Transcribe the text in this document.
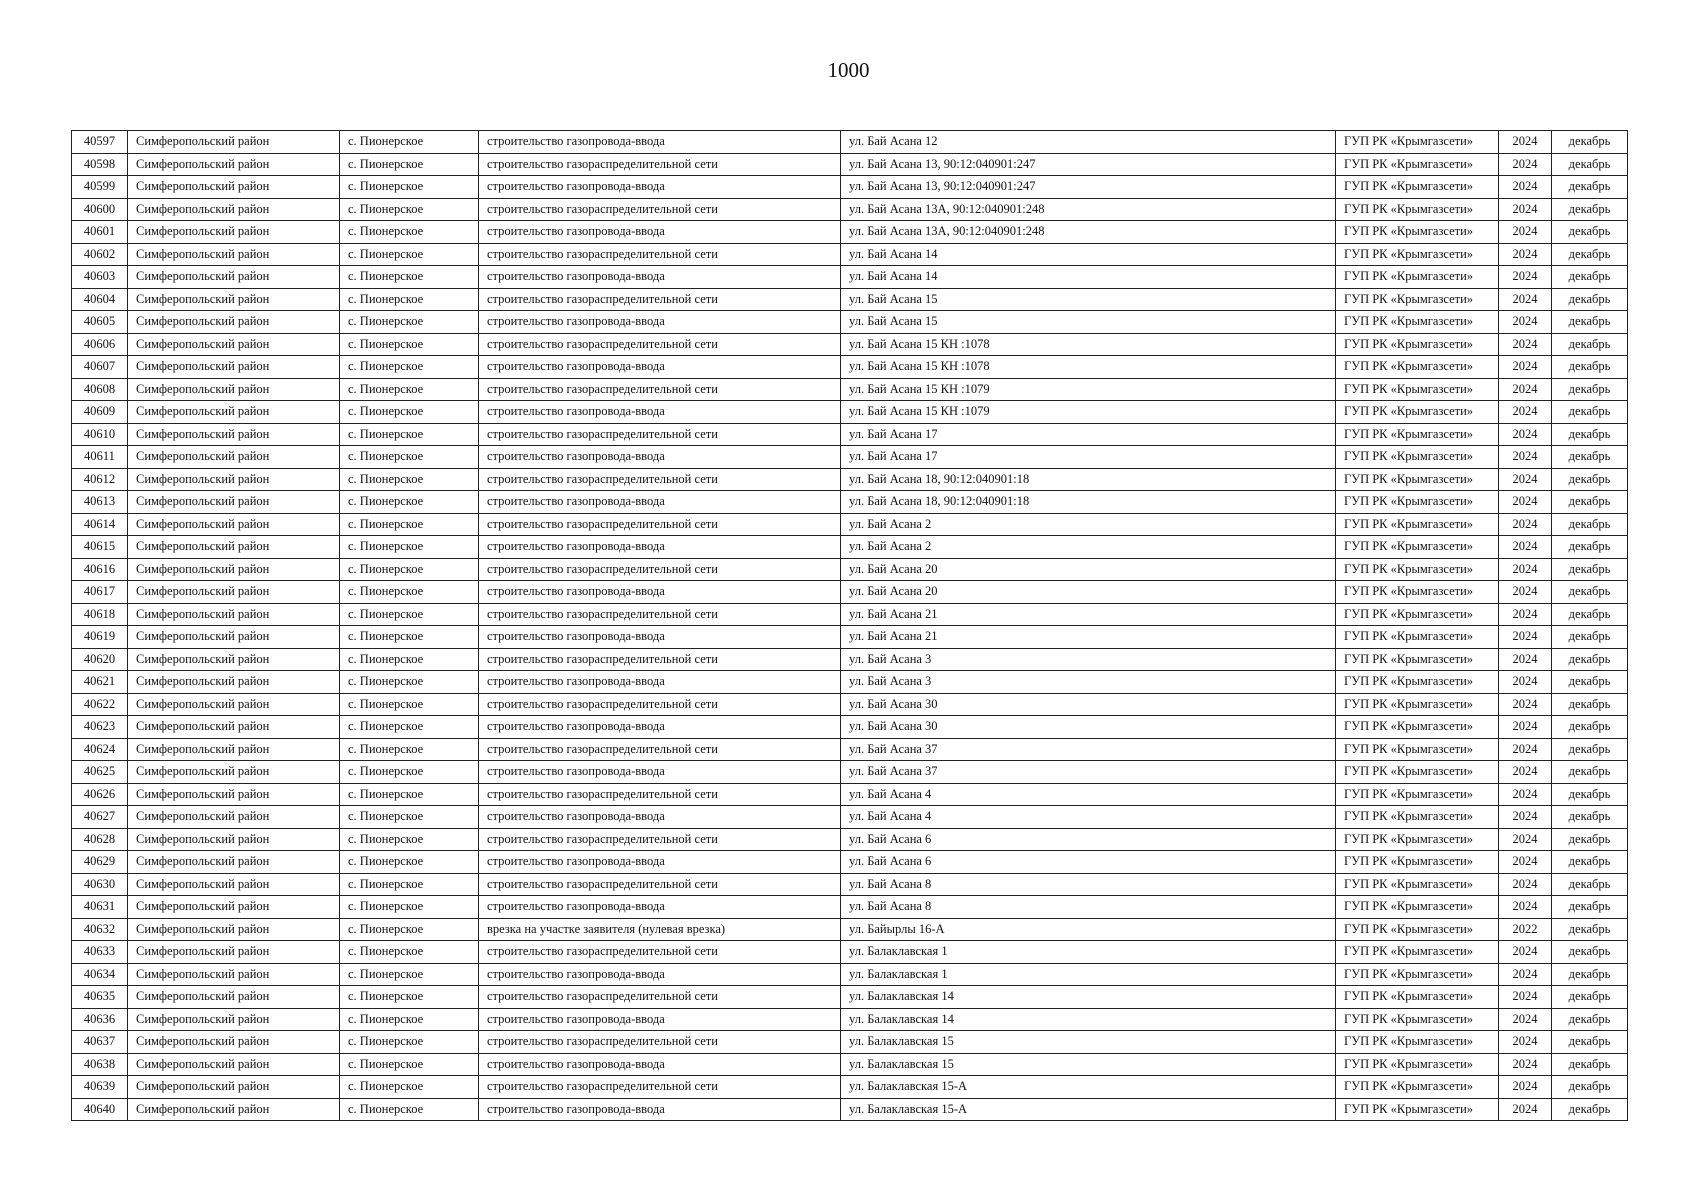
1000
40597	Симферопольский район	с. Пионерское	строительство газопровода-ввода	ул. Бай Асана 12	ГУП РК «Крымгазсети»	2024	декабрь
40598	Симферопольский район	с. Пионерское	строительство газораспределительной сети	ул. Бай Асана 13, 90:12:040901:247	ГУП РК «Крымгазсети»	2024	декабрь
40599	Симферопольский район	с. Пионерское	строительство газопровода-ввода	ул. Бай Асана 13, 90:12:040901:247	ГУП РК «Крымгазсети»	2024	декабрь
40600	Симферопольский район	с. Пионерское	строительство газораспределительной сети	ул. Бай Асана 13А, 90:12:040901:248	ГУП РК «Крымгазсети»	2024	декабрь
40601	Симферопольский район	с. Пионерское	строительство газопровода-ввода	ул. Бай Асана 13А, 90:12:040901:248	ГУП РК «Крымгазсети»	2024	декабрь
40602	Симферопольский район	с. Пионерское	строительство газораспределительной сети	ул. Бай Асана 14	ГУП РК «Крымгазсети»	2024	декабрь
40603	Симферопольский район	с. Пионерское	строительство газопровода-ввода	ул. Бай Асана 14	ГУП РК «Крымгазсети»	2024	декабрь
40604	Симферопольский район	с. Пионерское	строительство газораспределительной сети	ул. Бай Асана 15	ГУП РК «Крымгазсети»	2024	декабрь
40605	Симферопольский район	с. Пионерское	строительство газопровода-ввода	ул. Бай Асана 15	ГУП РК «Крымгазсети»	2024	декабрь
40606	Симферопольский район	с. Пионерское	строительство газораспределительной сети	ул. Бай Асана 15 КН :1078	ГУП РК «Крымгазсети»	2024	декабрь
40607	Симферопольский район	с. Пионерское	строительство газопровода-ввода	ул. Бай Асана 15 КН :1078	ГУП РК «Крымгазсети»	2024	декабрь
40608	Симферопольский район	с. Пионерское	строительство газораспределительной сети	ул. Бай Асана 15 КН :1079	ГУП РК «Крымгазсети»	2024	декабрь
40609	Симферопольский район	с. Пионерское	строительство газопровода-ввода	ул. Бай Асана 15 КН :1079	ГУП РК «Крымгазсети»	2024	декабрь
40610	Симферопольский район	с. Пионерское	строительство газораспределительной сети	ул. Бай Асана 17	ГУП РК «Крымгазсети»	2024	декабрь
40611	Симферопольский район	с. Пионерское	строительство газопровода-ввода	ул. Бай Асана 17	ГУП РК «Крымгазсети»	2024	декабрь
40612	Симферопольский район	с. Пионерское	строительство газораспределительной сети	ул. Бай Асана 18, 90:12:040901:18	ГУП РК «Крымгазсети»	2024	декабрь
40613	Симферопольский район	с. Пионерское	строительство газопровода-ввода	ул. Бай Асана 18, 90:12:040901:18	ГУП РК «Крымгазсети»	2024	декабрь
40614	Симферопольский район	с. Пионерское	строительство газораспределительной сети	ул. Бай Асана 2	ГУП РК «Крымгазсети»	2024	декабрь
40615	Симферопольский район	с. Пионерское	строительство газопровода-ввода	ул. Бай Асана 2	ГУП РК «Крымгазсети»	2024	декабрь
40616	Симферопольский район	с. Пионерское	строительство газораспределительной сети	ул. Бай Асана 20	ГУП РК «Крымгазсети»	2024	декабрь
40617	Симферопольский район	с. Пионерское	строительство газопровода-ввода	ул. Бай Асана 20	ГУП РК «Крымгазсети»	2024	декабрь
40618	Симферопольский район	с. Пионерское	строительство газораспределительной сети	ул. Бай Асана 21	ГУП РК «Крымгазсети»	2024	декабрь
40619	Симферопольский район	с. Пионерское	строительство газопровода-ввода	ул. Бай Асана 21	ГУП РК «Крымгазсети»	2024	декабрь
40620	Симферопольский район	с. Пионерское	строительство газораспределительной сети	ул. Бай Асана 3	ГУП РК «Крымгазсети»	2024	декабрь
40621	Симферопольский район	с. Пионерское	строительство газопровода-ввода	ул. Бай Асана 3	ГУП РК «Крымгазсети»	2024	декабрь
40622	Симферопольский район	с. Пионерское	строительство газораспределительной сети	ул. Бай Асана 30	ГУП РК «Крымгазсети»	2024	декабрь
40623	Симферопольский район	с. Пионерское	строительство газопровода-ввода	ул. Бай Асана 30	ГУП РК «Крымгазсети»	2024	декабрь
40624	Симферопольский район	с. Пионерское	строительство газораспределительной сети	ул. Бай Асана 37	ГУП РК «Крымгазсети»	2024	декабрь
40625	Симферопольский район	с. Пионерское	строительство газопровода-ввода	ул. Бай Асана 37	ГУП РК «Крымгазсети»	2024	декабрь
40626	Симферопольский район	с. Пионерское	строительство газораспределительной сети	ул. Бай Асана 4	ГУП РК «Крымгазсети»	2024	декабрь
40627	Симферопольский район	с. Пионерское	строительство газопровода-ввода	ул. Бай Асана 4	ГУП РК «Крымгазсети»	2024	декабрь
40628	Симферопольский район	с. Пионерское	строительство газораспределительной сети	ул. Бай Асана 6	ГУП РК «Крымгазсети»	2024	декабрь
40629	Симферопольский район	с. Пионерское	строительство газопровода-ввода	ул. Бай Асана 6	ГУП РК «Крымгазсети»	2024	декабрь
40630	Симферопольский район	с. Пионерское	строительство газораспределительной сети	ул. Бай Асана 8	ГУП РК «Крымгазсети»	2024	декабрь
40631	Симферопольский район	с. Пионерское	строительство газопровода-ввода	ул. Бай Асана 8	ГУП РК «Крымгазсети»	2024	декабрь
40632	Симферопольский район	с. Пионерское	врезка на участке заявителя (нулевая врезка)	ул. Байырлы 16-А	ГУП РК «Крымгазсети»	2022	декабрь
40633	Симферопольский район	с. Пионерское	строительство газораспределительной сети	ул. Балаклавская 1	ГУП РК «Крымгазсети»	2024	декабрь
40634	Симферопольский район	с. Пионерское	строительство газопровода-ввода	ул. Балаклавская 1	ГУП РК «Крымгазсети»	2024	декабрь
40635	Симферопольский район	с. Пионерское	строительство газораспределительной сети	ул. Балаклавская 14	ГУП РК «Крымгазсети»	2024	декабрь
40636	Симферопольский район	с. Пионерское	строительство газопровода-ввода	ул. Балаклавская 14	ГУП РК «Крымгазсети»	2024	декабрь
40637	Симферопольский район	с. Пионерское	строительство газораспределительной сети	ул. Балаклавская 15	ГУП РК «Крымгазсети»	2024	декабрь
40638	Симферопольский район	с. Пионерское	строительство газопровода-ввода	ул. Балаклавская 15	ГУП РК «Крымгазсети»	2024	декабрь
40639	Симферопольский район	с. Пионерское	строительство газораспределительной сети	ул. Балаклавская 15-А	ГУП РК «Крымгазсети»	2024	декабрь
40640	Симферопольский район	с. Пионерское	строительство газопровода-ввода	ул. Балаклавская 15-А	ГУП РК «Крымгазсети»	2024	декабрь
